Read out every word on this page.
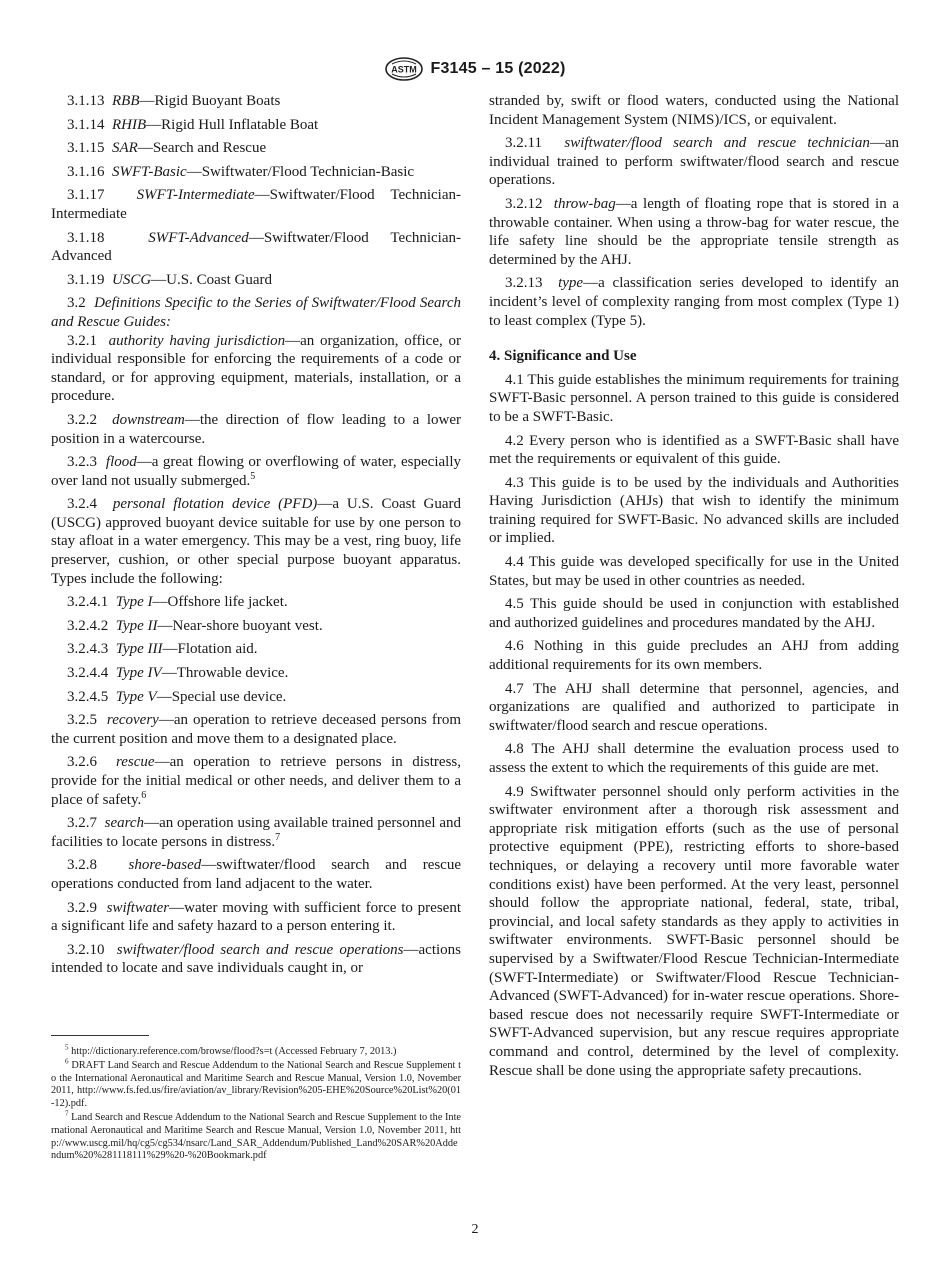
ASTM F3145 – 15 (2022)

3.1.13 RBB—Rigid Buoyant Boats

3.1.14 RHIB—Rigid Hull Inflatable Boat

3.1.15 SAR—Search and Rescue

3.1.16 SWFT-Basic—Swiftwater/Flood Technician-Basic

3.1.17 SWFT-Intermediate—Swiftwater/Flood Technician-Intermediate

3.1.18	SWFT-Advanced—Swiftwater/Flood Technician-Advanced

3.1.19 USCG—U.S. Coast Guard

3.2 Definitions Specific to the Series of Swiftwater/Flood Search and Rescue Guides:

3.2.1 authority having jurisdiction—an organization, office, or individual responsible for enforcing the requirements of a code or standard, or for approving equipment, materials, installation, or a procedure.

3.2.2 downstream—the direction of flow leading to a lower position in a watercourse.

3.2.3 flood—a great flowing or overflowing of water, especially over land not usually submerged.$^5$

3.2.4 personal flotation device (PFD)—a U.S. Coast Guard (USCG) approved buoyant device suitable for use by one person to stay afloat in a water emergency. This may be a vest, ring buoy, life preserver, cushion, or other special purpose buoyant apparatus. Types include the following:

3.2.4.1 Type I—Offshore life jacket.

3.2.4.2 Type II—Near-shore buoyant vest.

3.2.4.3 Type III—Flotation aid.

3.2.4.4 Type IV—Throwable device.

3.2.4.5 Type V—Special use device.

3.2.5 recovery—an operation to retrieve deceased persons from the current position and move them to a designated place.

3.2.6 rescue—an operation to retrieve persons in distress, provide for the initial medical or other needs, and deliver them to a place of safety.$^6$

3.2.7 search—an operation using available trained personnel and facilities to locate persons in distress.$^7$

3.2.8 shore-based—swiftwater/flood search and rescue operations conducted from land adjacent to the water.

3.2.9 swiftwater—water moving with sufficient force to present a significant life and safety hazard to a person entering it.

3.2.10 swiftwater/flood search and rescue operations—actions intended to locate and save individuals caught in, or

stranded by, swift or flood waters, conducted using the National Incident Management System (NIMS)/ICS, or equivalent.

3.2.11 swiftwater/flood search and rescue technician—an individual trained to perform swiftwater/flood search and rescue operations.

3.2.12 throw-bag—a length of floating rope that is stored in a throwable container. When using a throw-bag for water rescue, the life safety line should be the appropriate tensile strength as determined by the AHJ.

3.2.13 type—a classification series developed to identify an incident’s level of complexity ranging from most complex (Type 1) to least complex (Type 5).

4. Significance and Use

4.1 This guide establishes the minimum requirements for training SWFT-Basic personnel. A person trained to this guide is considered to be a SWFT-Basic.

4.2 Every person who is identified as a SWFT-Basic shall have met the requirements or equivalent of this guide.

4.3 This guide is to be used by the individuals and Authorities Having Jurisdiction (AHJs) that wish to identify the minimum training required for SWFT-Basic. No advanced skills are included or implied.

4.4 This guide was developed specifically for use in the United States, but may be used in other countries as needed.

4.5 This guide should be used in conjunction with established and authorized guidelines and procedures mandated by the AHJ.

4.6 Nothing in this guide precludes an AHJ from adding additional requirements for its own members.

4.7 The AHJ shall determine that personnel, agencies, and organizations are qualified and authorized to participate in swiftwater/flood search and rescue operations.

4.8 The AHJ shall determine the evaluation process used to assess the extent to which the requirements of this guide are met.

4.9 Swiftwater personnel should only perform activities in the swiftwater environment after a thorough risk assessment and appropriate risk mitigation efforts (such as the use of personal protective equipment (PPE), restricting efforts to shore-based techniques, or delaying a recovery until more favorable water conditions exist) have been performed. At the very least, personnel should follow the appropriate national, federal, state, tribal, provincial, and local safety standards as they apply to activities in swiftwater environments. SWFT-Basic personnel should be supervised by a Swiftwater/Flood Rescue Technician-Intermediate (SWFT-Intermediate) or Swiftwater/Flood Rescue Technician-Advanced (SWFT-Advanced) for in-water rescue operations. Shore-based rescue does not necessarily require SWFT-Intermediate or SWFT-Advanced supervision, but any rescue requires appropriate command and control, determined by the level of complexity. Rescue shall be done using the appropriate safety precautions.

$^5$ http://dictionary.reference.com/browse/flood?s=t (Accessed February 7, 2013.)

$^6$ DRAFT Land Search and Rescue Addendum to the National Search and Rescue Supplement to the International Aeronautical and Maritime Search and Rescue Manual, Version 1.0, November 2011, http://www.fs.fed.us/fire/aviation/av_library/Revision%205-EHE%20Source%20List%20(01-12).pdf.

$^7$ Land Search and Rescue Addendum to the National Search and Rescue Supplement to the International Aeronautical and Maritime Search and Rescue Manual, Version 1.0, November 2011, http://www.uscg.mil/hq/cg5/cg534/nsarc/Land_SAR_Addendum/Published_Land%20SAR%20Addendum%20%281118111%29%20-%20Bookmark.pdf

2
